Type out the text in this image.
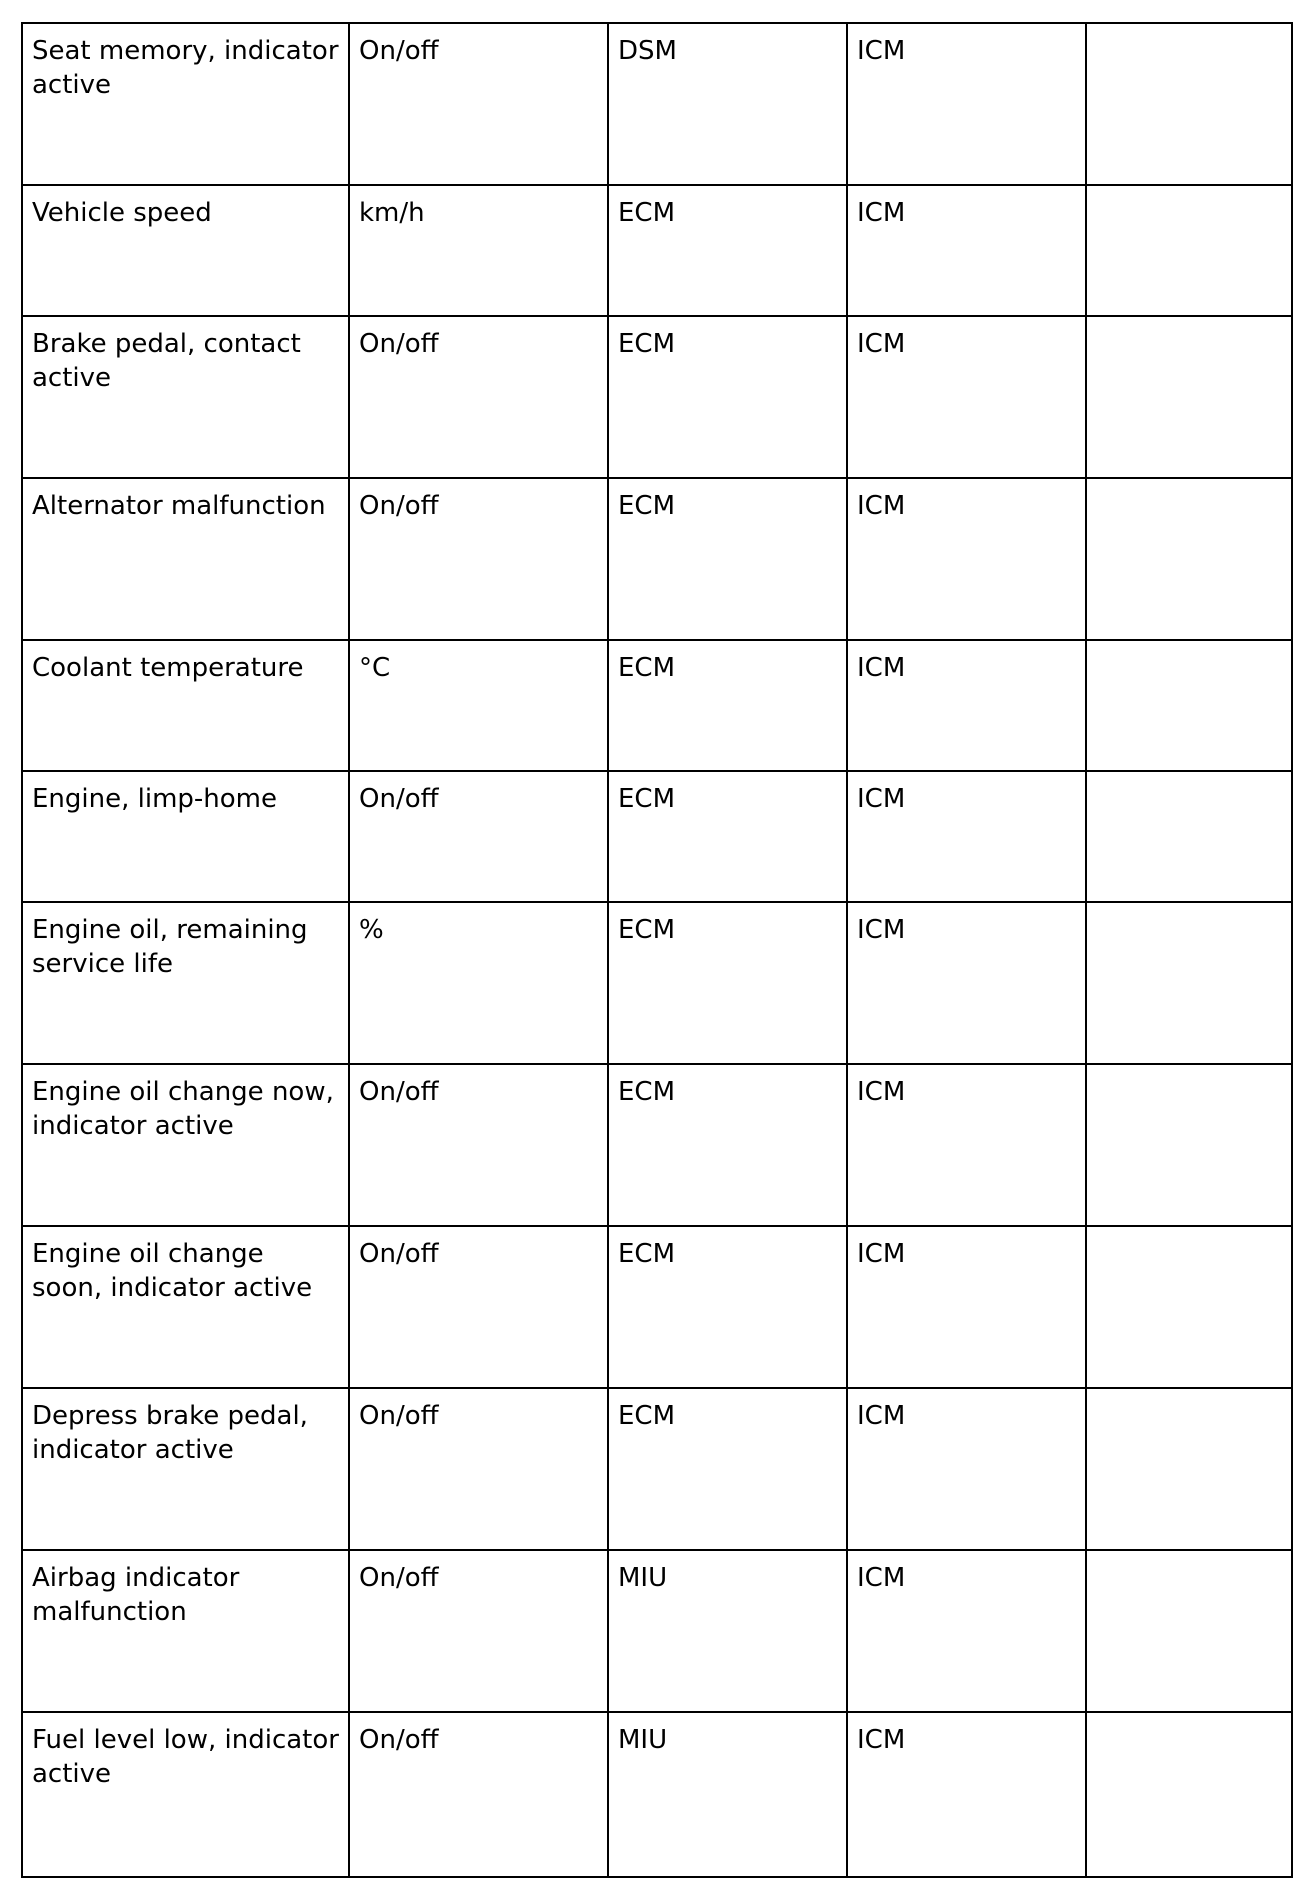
Seat memory, indicator active	On/off	DSM	ICM	
Vehicle speed	km/h	ECM	ICM	
Brake pedal, contact active	On/off	ECM	ICM	
Alternator malfunction	On/off	ECM	ICM	
Coolant temperature	°C	ECM	ICM	
Engine, limp-home	On/off	ECM	ICM	
Engine oil, remaining service life	%	ECM	ICM	
Engine oil change now, indicator active	On/off	ECM	ICM	
Engine oil change soon, indicator active	On/off	ECM	ICM	
Depress brake pedal, indicator active	On/off	ECM	ICM	
Airbag indicator malfunction	On/off	MIU	ICM	
Fuel level low, indicator active	On/off	MIU	ICM	
